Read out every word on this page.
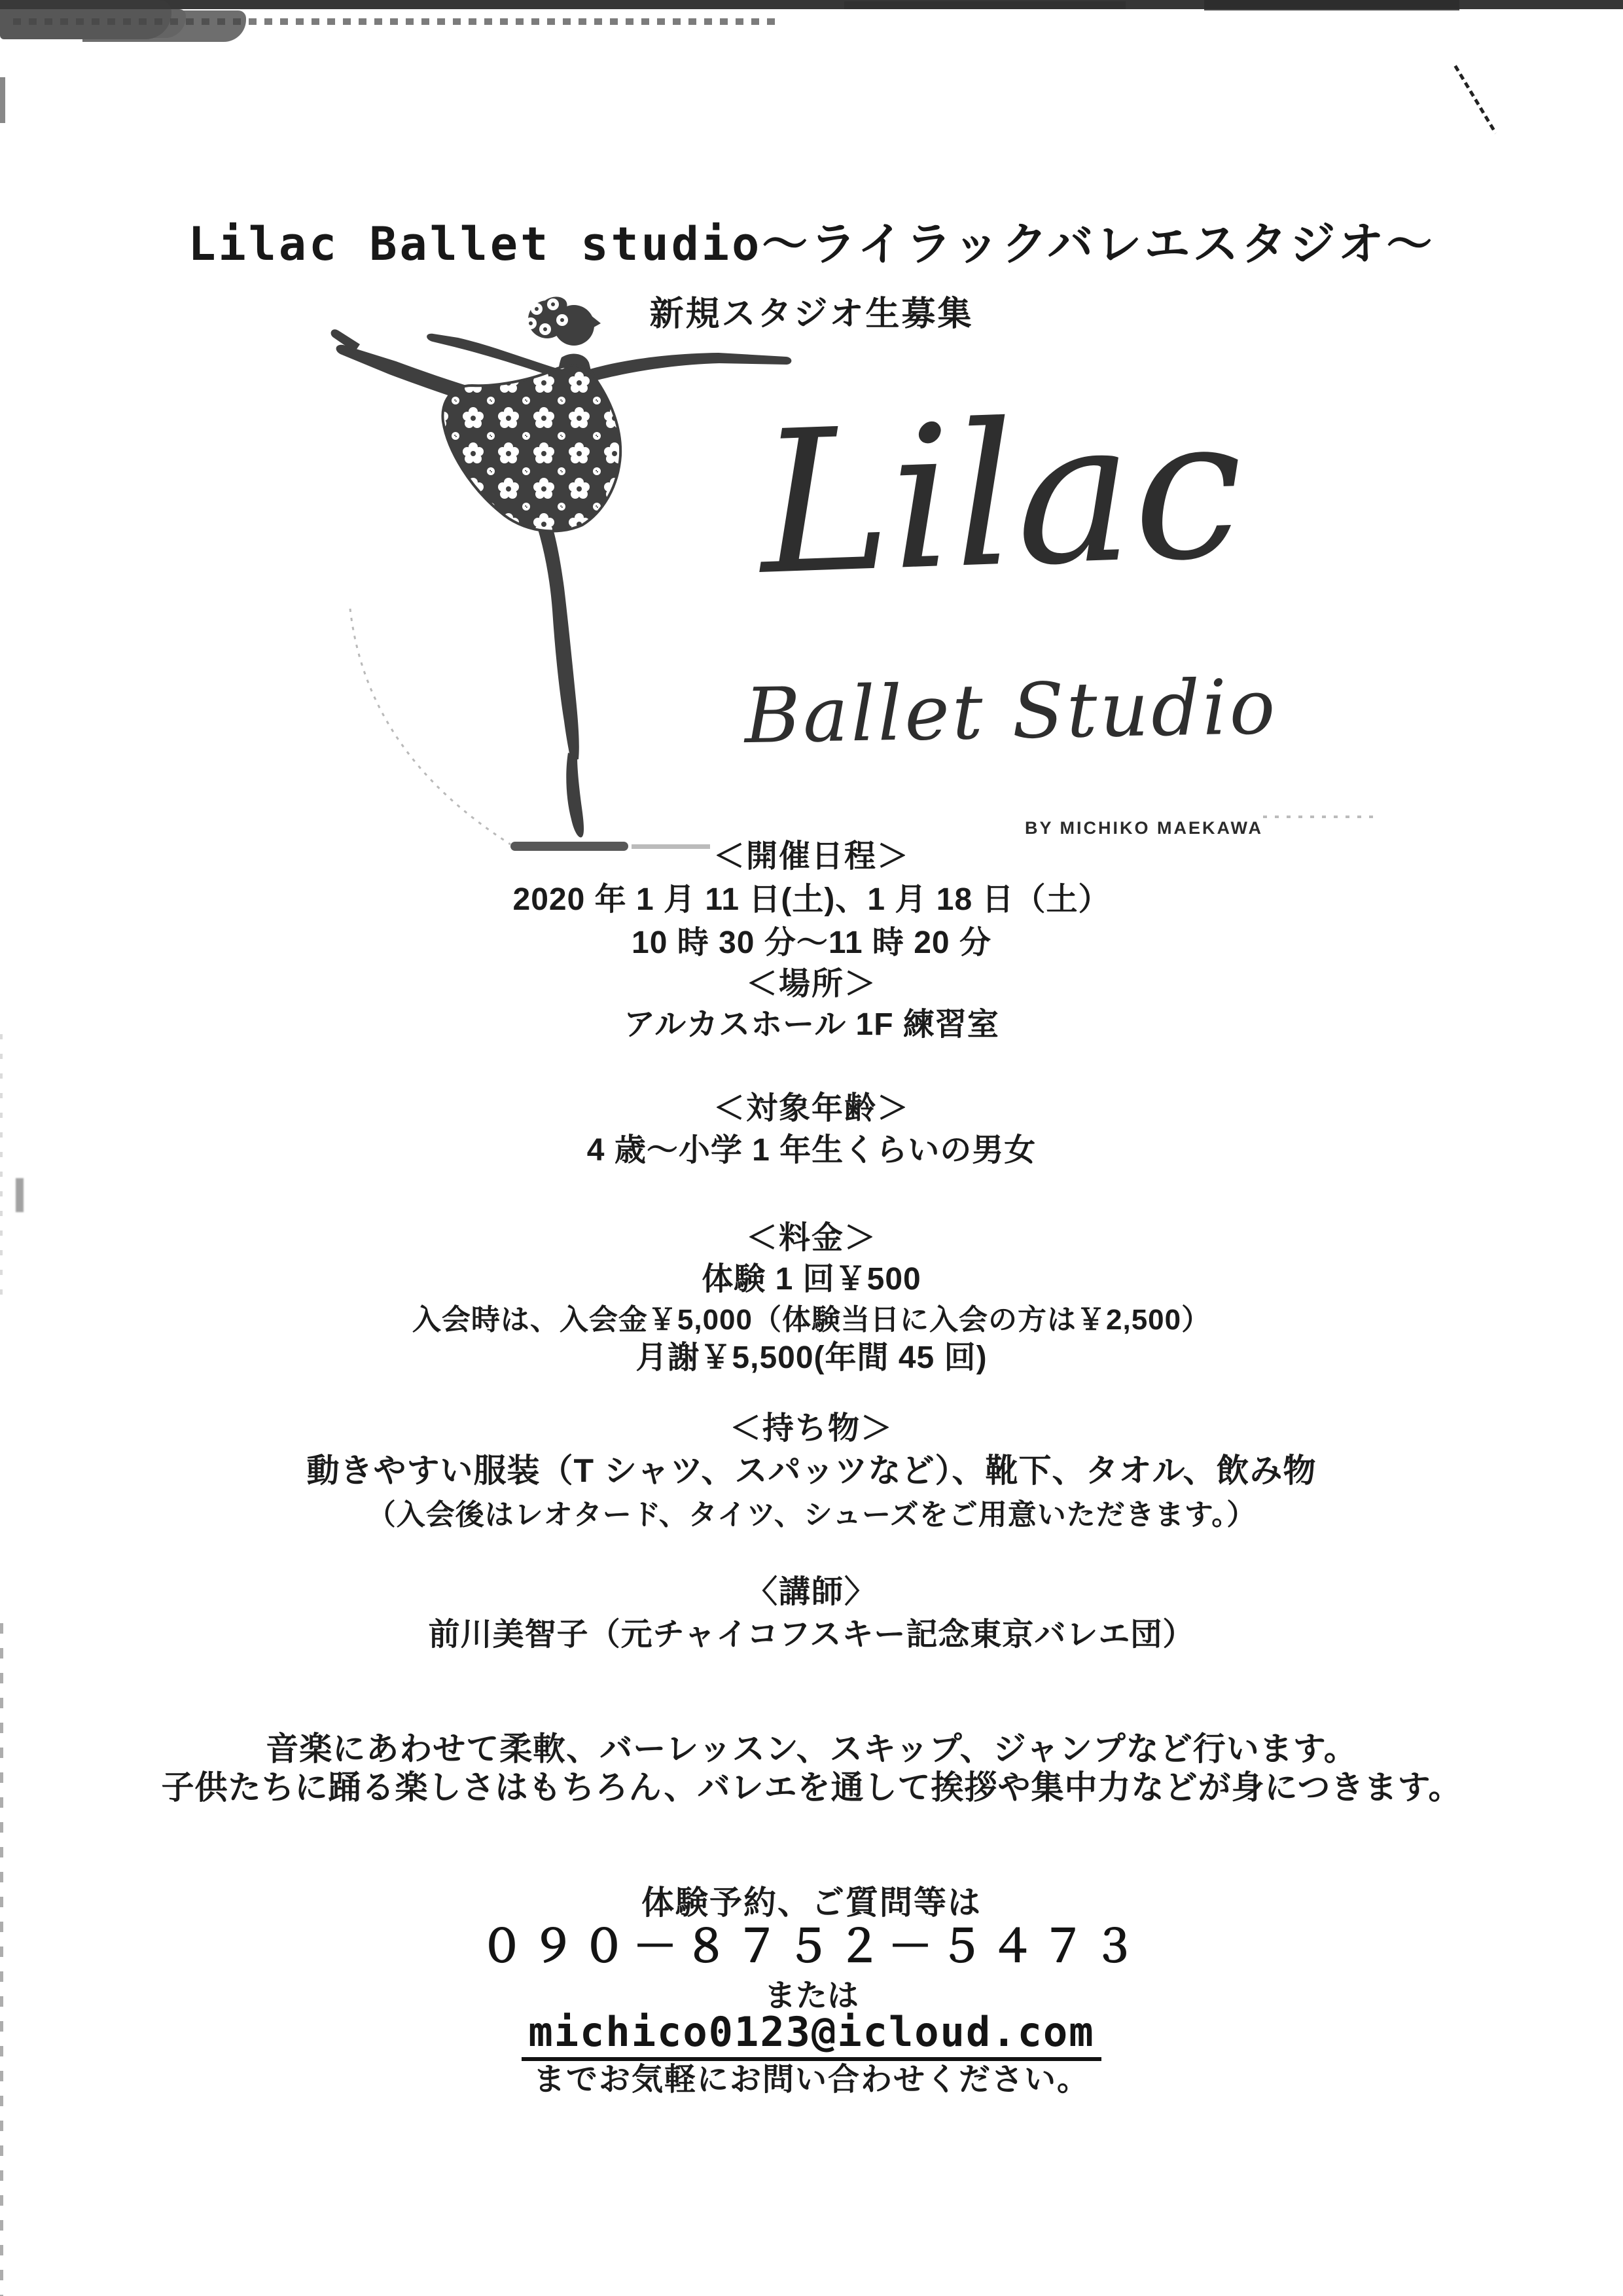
Lilac Ballet studio～ライラックバレエスタジオ～
新規スタジオ生募集
Lilac
Ballet Studio
BY MICHIKO MAEKAWA
＜開催日程＞
2020 年 1 月 11 日(土)、1 月 18 日（土）
10 時 30 分～11 時 20 分
＜場所＞
アルカスホール 1F 練習室
＜対象年齢＞
4 歳～小学 1 年生くらいの男女
＜料金＞
体験 1 回￥500
入会時は、入会金￥5,000（体験当日に入会の方は￥2,500）
月謝￥5,500(年間 45 回)
＜持ち物＞
動きやすい服装（T シャツ、スパッツなど）、靴下、タオル、飲み物
（入会後はレオタード、タイツ、シューズをご用意いただきます。）
〈講師〉
前川美智子（元チャイコフスキー記念東京バレエ団）
音楽にあわせて柔軟、バーレッスン、スキップ、ジャンプなど行います。
子供たちに踊る楽しさはもちろん、バレエを通して挨拶や集中力などが身につきます。
体験予約、ご質問等は
０９０－８７５２－５４７３
または
michico0123@icloud.com
までお気軽にお問い合わせください。
